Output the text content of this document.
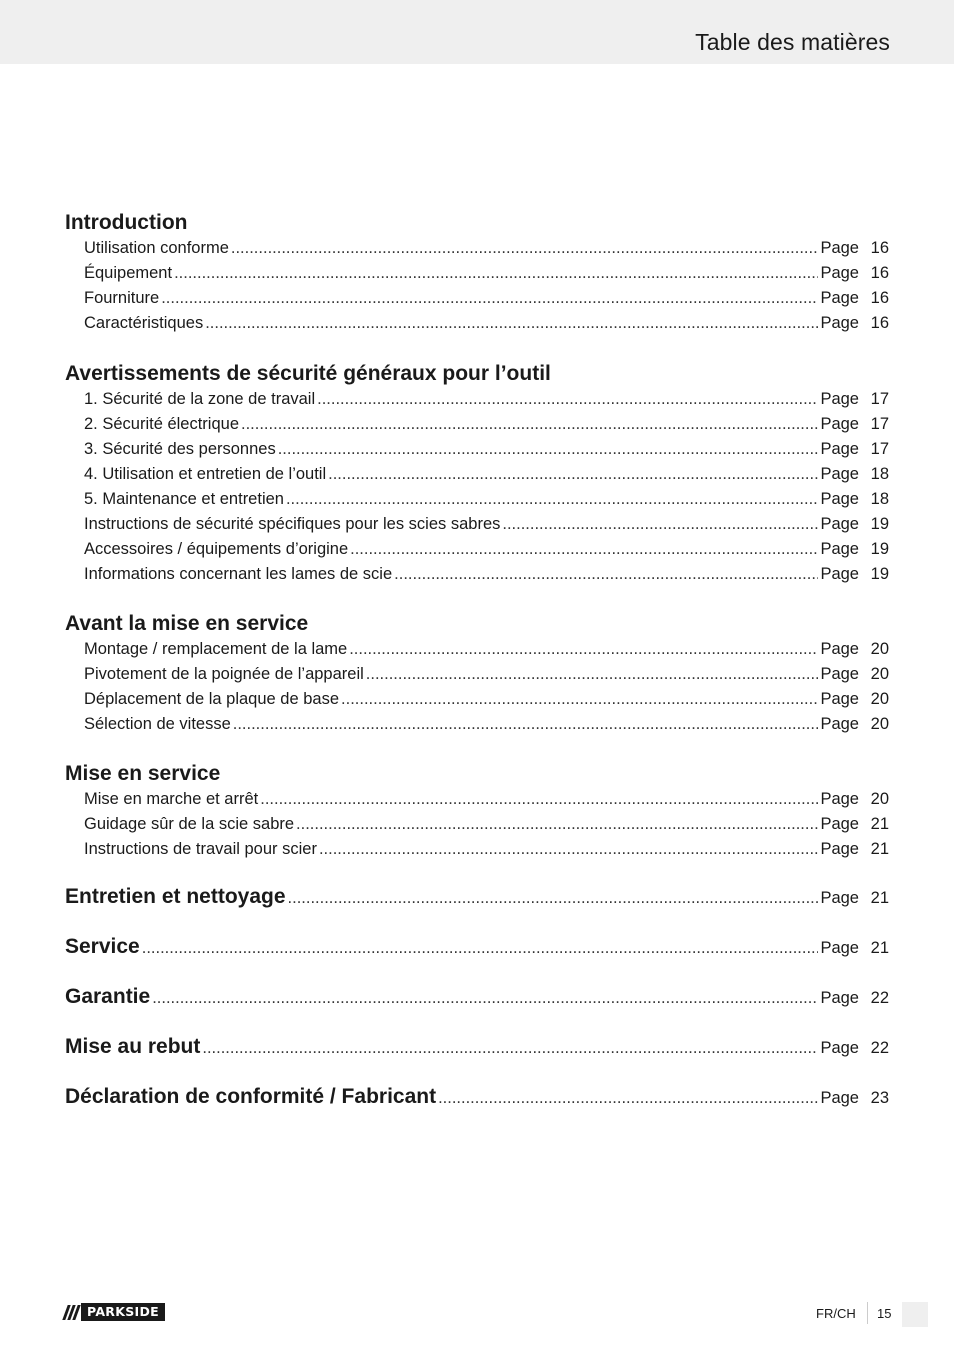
Table des matières
Introduction
Utilisation conforme .....	Page 16
Équipement .....	Page 16
Fourniture .....	Page 16
Caractéristiques .....	Page 16
Avertissements de sécurité généraux pour l’outil
1. Sécurité de la zone de travail .....	Page 17
2. Sécurité électrique .....	Page 17
3. Sécurité des personnes .....	Page 17
4. Utilisation et entretien de l’outil .....	Page 18
5. Maintenance et entretien .....	Page 18
Instructions de sécurité spécifiques pour les scies sabres .....	Page 19
Accessoires / équipements d’origine .....	Page 19
Informations concernant les lames de scie .....	Page 19
Avant la mise en service
Montage / remplacement de la lame .....	Page 20
Pivotement de la poignée de l’appareil .....	Page 20
Déplacement de la plaque de base .....	Page 20
Sélection de vitesse .....	Page 20
Mise en service
Mise en marche et arrêt .....	Page 20
Guidage sûr de la scie sabre .....	Page 21
Instructions de travail pour scier .....	Page 21
Entretien et nettoyage .....	Page 21
Service .....	Page 21
Garantie .....	Page 22
Mise au rebut .....	Page 22
Déclaration de conformité / Fabricant .....	Page 23
PARKSIDE	FR/CH 15
